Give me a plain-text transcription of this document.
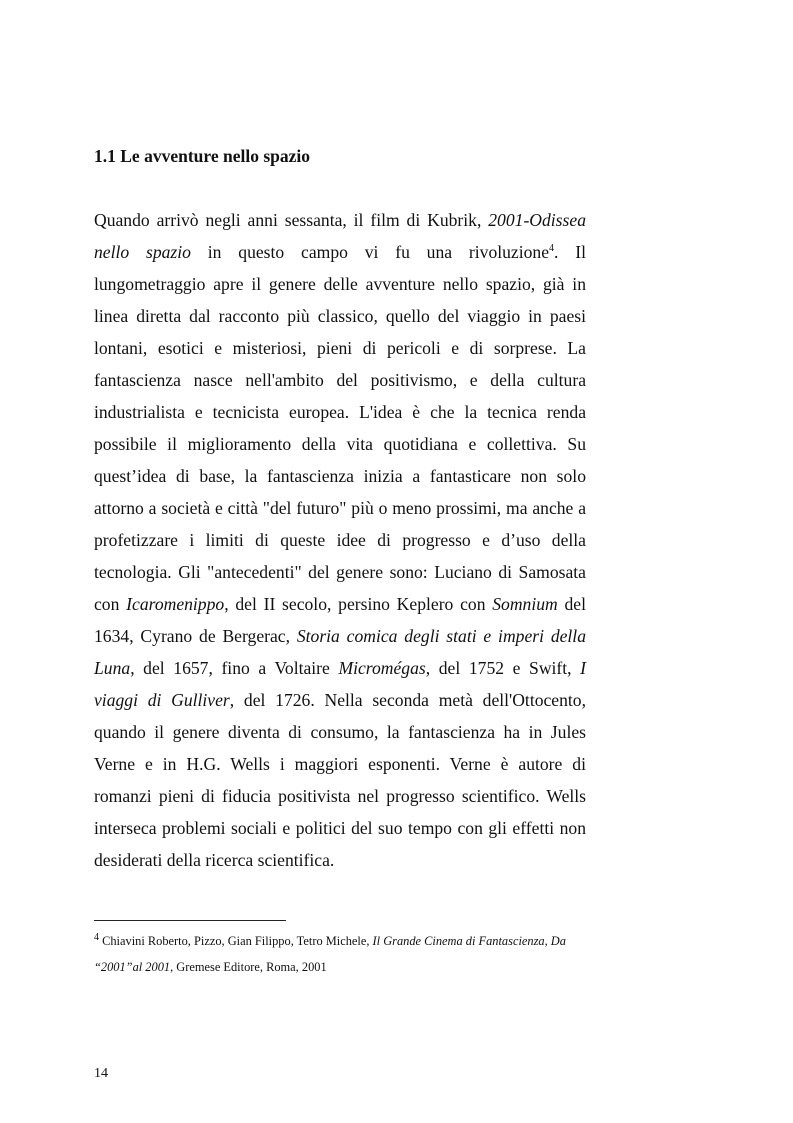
1.1 Le avventure nello spazio

Quando arrivò negli anni sessanta, il film di Kubrik, 2001-Odissea nello spazio in questo campo vi fu una rivoluzione$^4$. Il lungometraggio apre il genere delle avventure nello spazio, già in linea diretta dal racconto più classico, quello del viaggio in paesi lontani, esotici e misteriosi, pieni di pericoli e di sorprese. La fantascienza nasce nell'ambito del positivismo, e della cultura industrialista e tecnicista europea. L'idea è che la tecnica renda possibile il miglioramento della vita quotidiana e collettiva. Su quest’idea di base, la fantascienza inizia a fantasticare non solo attorno a società e città "del futuro" più o meno prossimi, ma anche a profetizzare i limiti di queste idee di progresso e d’uso della tecnologia. Gli "antecedenti" del genere sono: Luciano di Samosata con Icaromenippo, del II secolo, persino Keplero con Somnium del 1634, Cyrano de Bergerac, Storia comica degli stati e imperi della Luna, del 1657, fino a Voltaire Micromégas, del 1752 e Swift, I viaggi di Gulliver, del 1726. Nella seconda metà dell'Ottocento, quando il genere diventa di consumo, la fantascienza ha in Jules Verne e in H.G. Wells i maggiori esponenti. Verne è autore di romanzi pieni di fiducia positivista nel progresso scientifico. Wells interseca problemi sociali e politici del suo tempo con gli effetti non desiderati della ricerca scientifica.

$^4$ Chiavini Roberto, Pizzo, Gian Filippo, Tetro Michele, Il Grande Cinema di Fantascienza, Da “2001”al 2001, Gremese Editore, Roma, 2001

14
